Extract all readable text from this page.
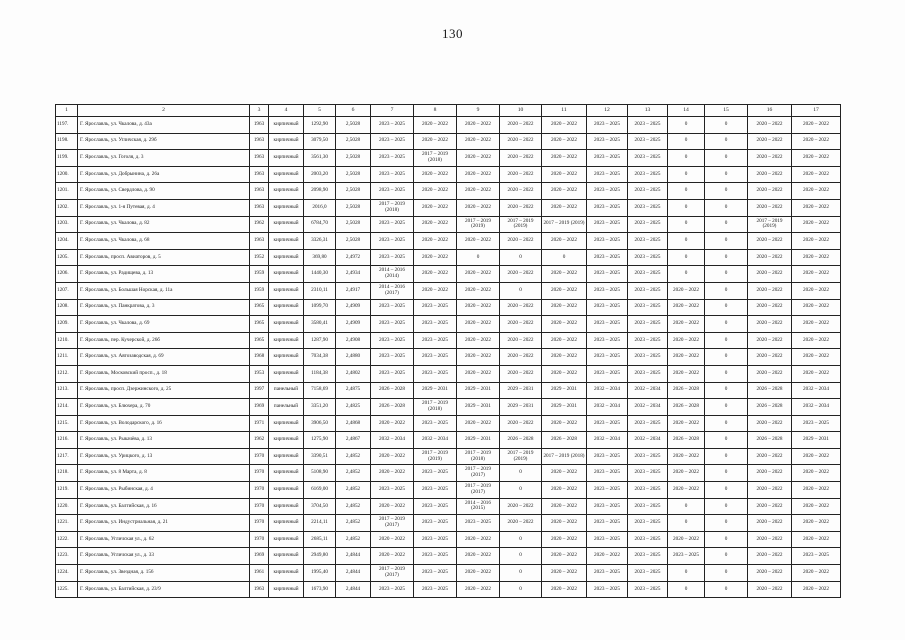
130
1	2	3	4	5	6	7	8	9	10	11	12	13	14	15	16	17
1197.	Г. Ярославль, ул. Чкалова, д. 43а	1963	кирпичный	1292,90	2,5028	2023 – 2025	2020 – 2022	2020 – 2022	2020 – 2022	2020 – 2022	2023 – 2025	2023 – 2025	0	0	2020 – 2022	2020 – 2022
1198.	Г. Ярославль, ул. Угличская, д. 29б	1963	кирпичный	3079,50	2,5028	2023 – 2025	2020 – 2022	2020 – 2022	2020 – 2022	2020 – 2022	2023 – 2025	2023 – 2025	0	0	2020 – 2022	2020 – 2022
1199.	Г. Ярославль, ул. Гоголя, д. 3	1963	кирпичный	3561,30	2,5028	2023 – 2025	2017 – 2019 (2018)	2020 – 2022	2020 – 2022	2020 – 2022	2023 – 2025	2023 – 2025	0	0	2020 – 2022	2020 – 2022
1200.	Г. Ярославль, ул. Добрынина, д. 26а	1963	кирпичный	2003,20	2,5028	2023 – 2025	2020 – 2022	2020 – 2022	2020 – 2022	2020 – 2022	2023 – 2025	2023 – 2025	0	0	2020 – 2022	2020 – 2022
1201.	Г. Ярославль, ул. Свердлова, д. 90	1963	кирпичный	2098,90	2,5028	2023 – 2025	2020 – 2022	2020 – 2022	2020 – 2022	2020 – 2022	2023 – 2025	2023 – 2025	0	0	2020 – 2022	2020 – 2022
1202.	Г. Ярославль, ул. 1-я Путевая, д. 4	1963	кирпичный	2016,0	2,5028	2017 – 2019 (2018)	2020 – 2022	2020 – 2022	2020 – 2022	2020 – 2022	2023 – 2025	2023 – 2025	0	0	2020 – 2022	2020 – 2022
1203.	Г. Ярославль, ул. Чкалова, д. 82	1962	кирпичный	6784,70	2,5028	2023 – 2025	2020 – 2022	2017 – 2019 (2019)	2017 – 2019 (2019)	2017 – 2019 (2019)	2023 – 2025	2023 – 2025	0	0	2017 – 2019 (2019)	2020 – 2022
1204.	Г. Ярославль, ул. Чкалова, д. 68	1963	кирпичный	3326,31	2,5028	2023 – 2025	2020 – 2022	2020 – 2022	2020 – 2022	2020 – 2022	2023 – 2025	2023 – 2025	0	0	2020 – 2022	2020 – 2022
1205.	Г. Ярославль, просп. Авиаторов, д. 5	1952	кирпичный	369,80	2,4972	2023 – 2025	2020 – 2022	0	0	0	2023 – 2025	2023 – 2025	0	0	2020 – 2022	2020 – 2022
1206.	Г. Ярославль, ул. Радищева, д. 13	1959	кирпичный	1440,30	2,4934	2014 – 2016 (2014)	2020 – 2022	2020 – 2022	2020 – 2022	2020 – 2022	2023 – 2025	2023 – 2025	0	0	2020 – 2022	2020 – 2022
1207.	Г. Ярославль, ул. Большая Норская, д. 11а	1959	кирпичный	2310,11	2,4917	2014 – 2016 (2017)	2020 – 2022	2020 – 2022	0	2020 – 2022	2023 – 2025	2023 – 2025	2020 – 2022	0	2020 – 2022	2020 – 2022
1208.	Г. Ярославль, ул. Панкратова, д. 3	1965	кирпичный	1099,70	2,4909	2023 – 2025	2023 – 2025	2020 – 2022	2020 – 2022	2020 – 2022	2023 – 2025	2023 – 2025	2020 – 2022	0	2020 – 2022	2020 – 2022
1209.	Г. Ярославль, ул. Чкалова, д. 69	1965	кирпичный	3580,41	2,4909	2023 – 2025	2023 – 2025	2020 – 2022	2020 – 2022	2020 – 2022	2023 – 2025	2023 – 2025	2020 – 2022	0	2020 – 2022	2020 – 2022
1210.	Г. Ярославль, пер. Кучерской, д. 26б	1965	кирпичный	1287,90	2,4908	2023 – 2025	2023 – 2025	2020 – 2022	2020 – 2022	2020 – 2022	2023 – 2025	2023 – 2025	2020 – 2022	0	2020 – 2022	2020 – 2022
1211.	Г. Ярославль, ул. Автозаводская, д. 69	1968	кирпичный	7034,38	2,4880	2023 – 2025	2023 – 2025	2020 – 2022	2020 – 2022	2020 – 2022	2023 – 2025	2023 – 2025	2020 – 2022	0	2020 – 2022	2020 – 2022
1212.	Г. Ярославль, Московский просп., д. 18	1953	кирпичный	1184,38	2,4802	2023 – 2025	2023 – 2025	2020 – 2022	2020 – 2022	2020 – 2022	2023 – 2025	2023 – 2025	2020 – 2022	0	2020 – 2022	2020 – 2022
1213.	Г. Ярославль, просп. Дзержинского, д. 25	1997	панельный	7158,69	2,4875	2026 – 2028	2029 – 2031	2029 – 2031	2029 – 2031	2029 – 2031	2032 – 2034	2032 – 2034	2026 – 2028	0	2026 – 2028	2032 – 2034
1214.	Г. Ярославль, ул. Блюхера, д. 70	1969	панельный	3351,20	2,4825	2026 – 2028	2017 – 2019 (2018)	2029 – 2031	2029 – 2031	2029 – 2031	2032 – 2034	2032 – 2034	2026 – 2028	0	2026 – 2028	2032 – 2034
1215.	Г. Ярославль, ул. Володарского, д. 16	1971	кирпичный	3906,50	2,4868	2020 – 2022	2023 – 2025	2020 – 2022	2020 – 2022	2020 – 2022	2023 – 2025	2023 – 2025	2020 – 2022	0	2020 – 2022	2023 – 2025
1216.	Г. Ярославль, ул. Рыкачёва, д. 13	1962	кирпичный	1275,90	2,4867	2032 – 2034	2032 – 2034	2029 – 2031	2026 – 2028	2026 – 2028	2032 – 2034	2032 – 2034	2026 – 2028	0	2026 – 2028	2029 – 2031
1217.	Г. Ярославль, ул. Урицкого, д. 13	1970	кирпичный	3390,51	2,4852	2020 – 2022	2017 – 2019 (2019)	2017 – 2019 (2018)	2017 – 2019 (2019)	2017 – 2019 (2018)	2023 – 2025	2023 – 2025	2020 – 2022	0	2020 – 2022	2020 – 2022
1218.	Г. Ярославль, ул. 8 Марта, д. 8	1970	кирпичный	5108,90	2,4852	2020 – 2022	2023 – 2025	2017 – 2019 (2017)	0	2020 – 2022	2023 – 2025	2023 – 2025	2020 – 2022	0	2020 – 2022	2020 – 2022
1219.	Г. Ярославль, ул. Рыбинская, д. 4	1970	кирпичный	6169,00	2,4852	2023 – 2025	2023 – 2025	2017 – 2019 (2017)	0	2020 – 2022	2023 – 2025	2023 – 2025	2020 – 2022	0	2020 – 2022	2020 – 2022
1220.	Г. Ярославль, ул. Балтийская, д. 16	1970	кирпичный	3704,50	2,4852	2020 – 2022	2023 – 2025	2014 – 2016 (2015)	2020 – 2022	2020 – 2022	2023 – 2025	2023 – 2025	0	0	2020 – 2022	2020 – 2022
1221.	Г. Ярославль, ул. Индустриальная, д. 21	1970	кирпичный	2214,11	2,4852	2017 – 2019 (2017)	2023 – 2025	2023 – 2025	2020 – 2022	2020 – 2022	2023 – 2025	2023 – 2025	0	0	2020 – 2022	2020 – 2022
1222.	Г. Ярославль, Угличская ул., д. 62	1970	кирпичный	2685,11	2,4852	2020 – 2022	2023 – 2025	2020 – 2022	0	2020 – 2022	2023 – 2025	2023 – 2025	2020 – 2022	0	2020 – 2022	2020 – 2022
1223.	Г. Ярославль, Угличская ул., д. 33	1969	кирпичный	2949,80	2,4844	2020 – 2022	2023 – 2025	2020 – 2022	0	2020 – 2022	2020 – 2022	2023 – 2025	2023 – 2025	0	2020 – 2022	2023 – 2025
1224.	Г. Ярославль, ул. Звездная, д. 156	1961	кирпичный	1995,40	2,4844	2017 – 2019 (2017)	2023 – 2025	2020 – 2022	0	2020 – 2022	2023 – 2025	2023 – 2025	0	0	2020 – 2022	2020 – 2022
1225.	Г. Ярославль, ул. Балтийская, д. 23/9	1963	кирпичный	1673,90	2,4844	2023 – 2025	2023 – 2025	2020 – 2022	0	2020 – 2022	2023 – 2025	2023 – 2025	0	0	2020 – 2022	2020 – 2022
